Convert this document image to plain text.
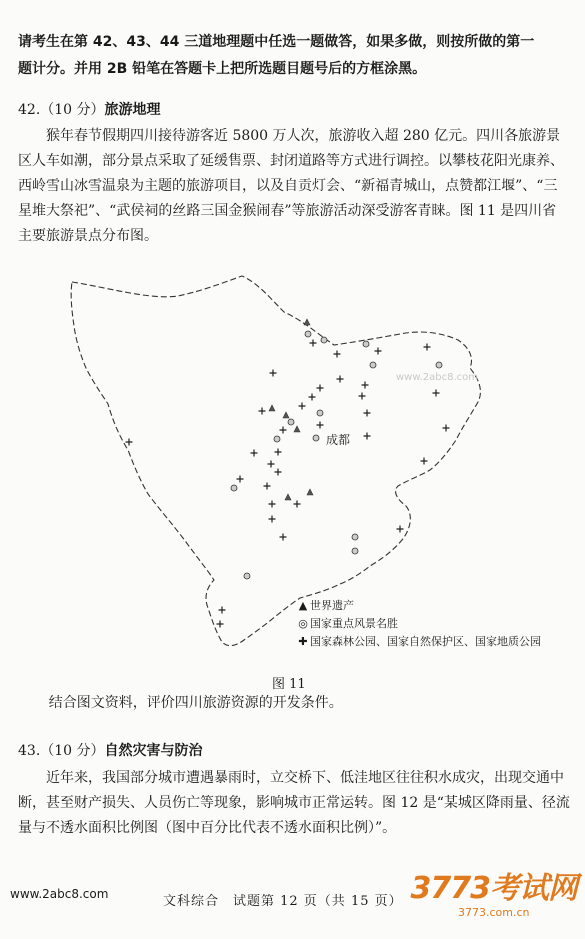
请考生在第 42、43、44 三道地理题中任选一题做答，如果多做，则按所做的第一

题计分。并用 2B 铅笔在答题卡上把所选题目题号后的方框涂黑。

42.（10 分）旅游地理

猴年春节假期四川接待游客近 5800 万人次，旅游收入超 280 亿元。四川各旅游景区人车如潮，部分景点采取了延缓售票、封闭道路等方式进行调控。以攀枝花阳光康养、西岭雪山冰雪温泉为主题的旅游项目，以及自贡灯会、“新福青城山，点赞都江堰”、“三星堆大祭祀”、“武侯祠的丝路三国金猴闹春”等旅游活动深受游客青睐。图 11 是四川省主要旅游景点分布图。

www.2abc8.com
成都
▲ 世界遗产
◎ 国家重点风景名胜
✚ 国家森林公园、国家自然保护区、国家地质公园
图 11

结合图文资料，评价四川旅游资源的开发条件。

43.（10 分）自然灾害与防治

近年来，我国部分城市遭遇暴雨时，立交桥下、低洼地区往往积水成灾，出现交通中断，甚至财产损失、人员伤亡等现象，影响城市正常运转。图 12 是“某城区降雨量、径流量与不透水面积比例图（图中百分比代表不透水面积比例）”。

www.2abc8.com	文科综合　试题第 12 页（共 15 页） 3773考试网
3773.com.cn
